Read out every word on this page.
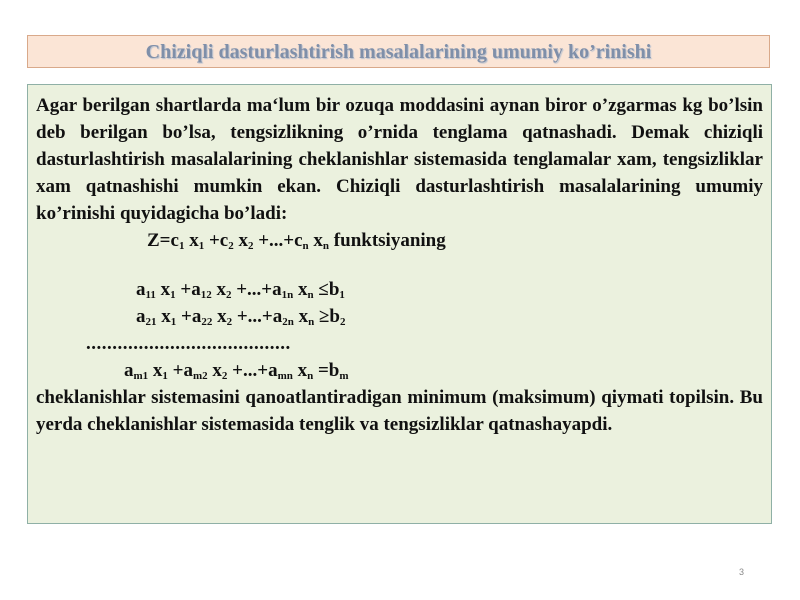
Chiziqli dasturlashtirish masalalarining umumiy ko’rinishi

Agar berilgan shartlarda ma‘lum bir ozuqa moddasini aynan biror o’zgarmas kg bo’lsin deb berilgan bo’lsa, tengsizlikning o’rnida tenglama qatnashadi. Demak chiziqli dasturlashtirish masalalarining cheklanishlar sistemasida tenglamalar xam, tengsizliklar xam qatnashishi mumkin ekan. Chiziqli dasturlashtirish masalalarining umumiy ko’rinishi quyidagicha bo’ladi:

$Z=c_1$ $x_1 +c_2$ $x_2 +...+c_n$ $x_n$ funktsiyaning
$a_{11}$ $x_1 +a_{12}$ $x_2 +...+a_{1n}$ $x_n \le b_1$
$a_{21}$ $x_1 +a_{22}$ $x_2 +...+a_{2n}$ $x_n \ge b_2$
.......................................
$a_{m1}$ $x_1 +a_{m2}$ $x_2 +...+a_{mn}$ $x_n =b_m$

cheklanishlar sistemasini qanoatlantiradigan minimum (maksimum) qiymati topilsin. Bu yerda cheklanishlar sistemasida tenglik va tengsizliklar qatnashayapdi.

3
